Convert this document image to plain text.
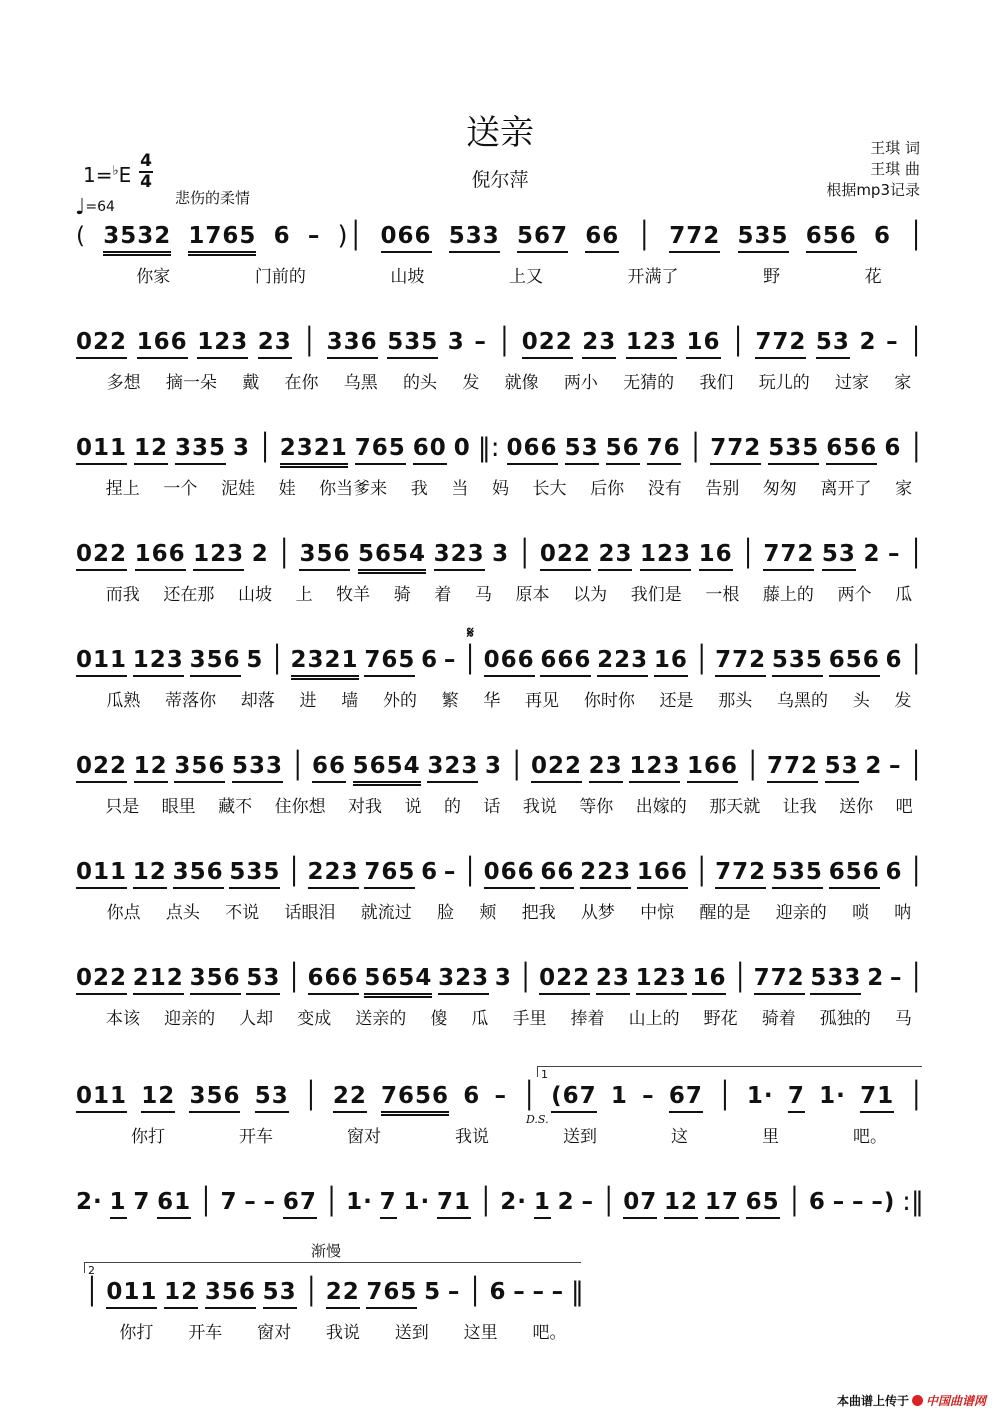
送亲
倪尔萍
王琪 词
王琪 曲
根据mp3记录
1=♭E
4
4
♩=64	悲伤的柔情
( 3532 1765 6 – )│ 066 533 567 66 │ 772 535 656 6 │
你家	门前的	山坡	上又	开满了	野	花
022 166 123 23 │ 336 535 3 – │ 022 23 123 16 │ 772 53 2 – │
多想 摘一朵 戴 在你 乌黑 的头 发 就像 两小 无猜的 我们 玩儿的 过家 家
011 12 335 3 │ 2321 765 60 0 ‖: 066 53 56 76 │ 772 535 656 6 │
捏上 一个 泥娃 娃 你当爹来 我 当 妈 长大 后你 没有 告别 匆匆 离开了 家
022 166 123 2 │ 356 5654 323 3 │ 022 23 123 16 │ 772 53 2 – │
而我 还在那 山坡 上 牧羊 骑 着 马 原本 以为 我们是 一根 藤上的 两个 瓜
011 123 356 5 │ 2321 765 6 – │ 066 666 223 16 │ 772 535 656 6 │
瓜熟 蒂落你 却落 进 墙 外的 繁 华 再见 你时你 还是 那头 乌黑的 头 发
022 12 356 533 │ 66 5654 323 3 │ 022 23 123 166 │ 772 53 2 – │
只是 眼里 藏不 住你想 对我 说 的 话 我说 等你 出嫁的 那天就 让我 送你 吧
011 12 356 535 │ 223 765 6 – │ 066 66 223 166 │ 772 535 656 6 │
你点 点头 不说 话眼泪 就流过 脸 颊 把我 从梦 中惊 醒的是 迎亲的 唢 呐
022 212 356 53 │ 666 5654 323 3 │ 022 23 123 16 │ 772 533 2 – │
本该 迎亲的 人却 变成 送亲的 傻 瓜 手里 捧着 山上的 野花 骑着 孤独的 马
011 12 356 53 │ 22 7656 6 – │ (67 1 – 67 │ 1· 7 1· 71 │
你打	开车	窗对	我说	送到	这	里	吧。
2· 1 7 61 │ 7 – – 67 │ 1· 7 1· 71 │ 2· 1 2 – │ 07 12 17 65 │ 6 – – –) :‖
│ 011 12 356 53 │ 22 765 5 – │ 6 – – – ‖
你打 开车 窗对 我说 送到 这里 吧。
𝄋
D.S.
1
2
渐慢
本曲谱上传于 中国曲谱网
